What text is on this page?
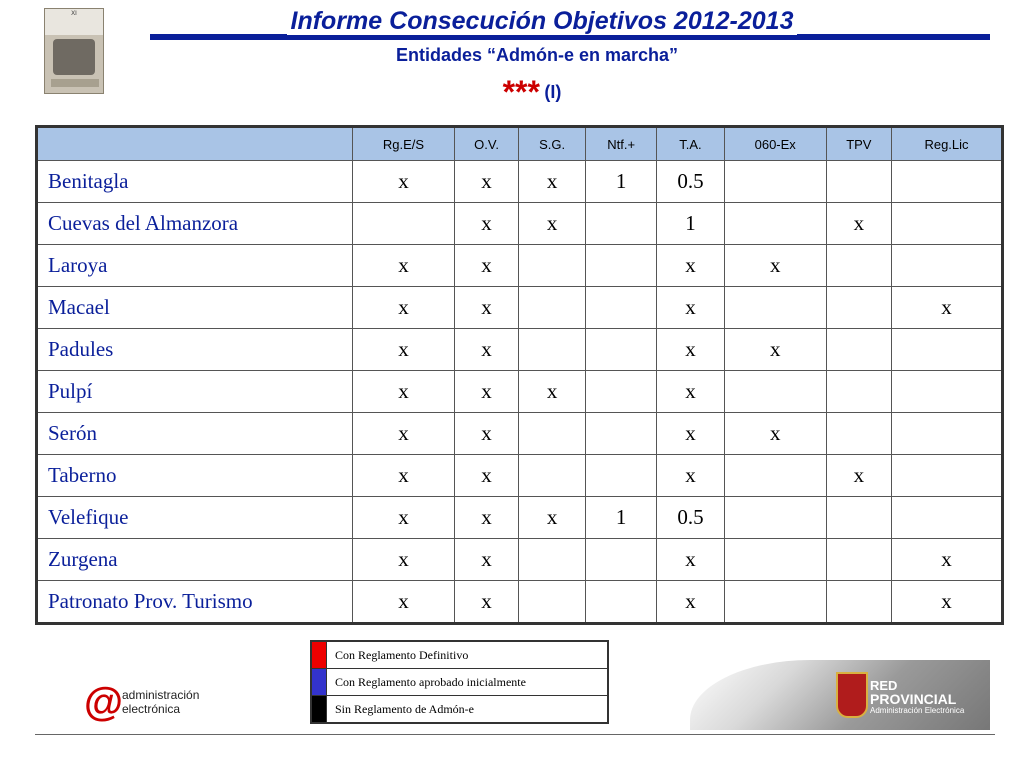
XI	Informe Consecución Objetivos 2012-2013
Entidades “Admón-e en marcha”
*** (I)
	Rg.E/S	O.V.	S.G.	Ntf.+	T.A.	060-Ex	TPV	Reg.Lic
Benitagla	x	x	x	1	0.5			
Cuevas del Almanzora		x	x		1		x	
Laroya	x	x			x	x		
Macael	x	x			x			x
Padules	x	x			x	x		
Pulpí	x	x	x		x			
Serón	x	x			x	x		
Taberno	x	x			x		x	
Velefique	x	x	x	1	0.5			
Zurgena	x	x			x			x
Patronato Prov. Turismo	x	x			x			x
	Con Reglamento Definitivo
	Con Reglamento aprobado inicialmente
	Sin Reglamento de Admón-e
@
administración
electrónica
RED
PROVINCIAL
Administración Electrónica
